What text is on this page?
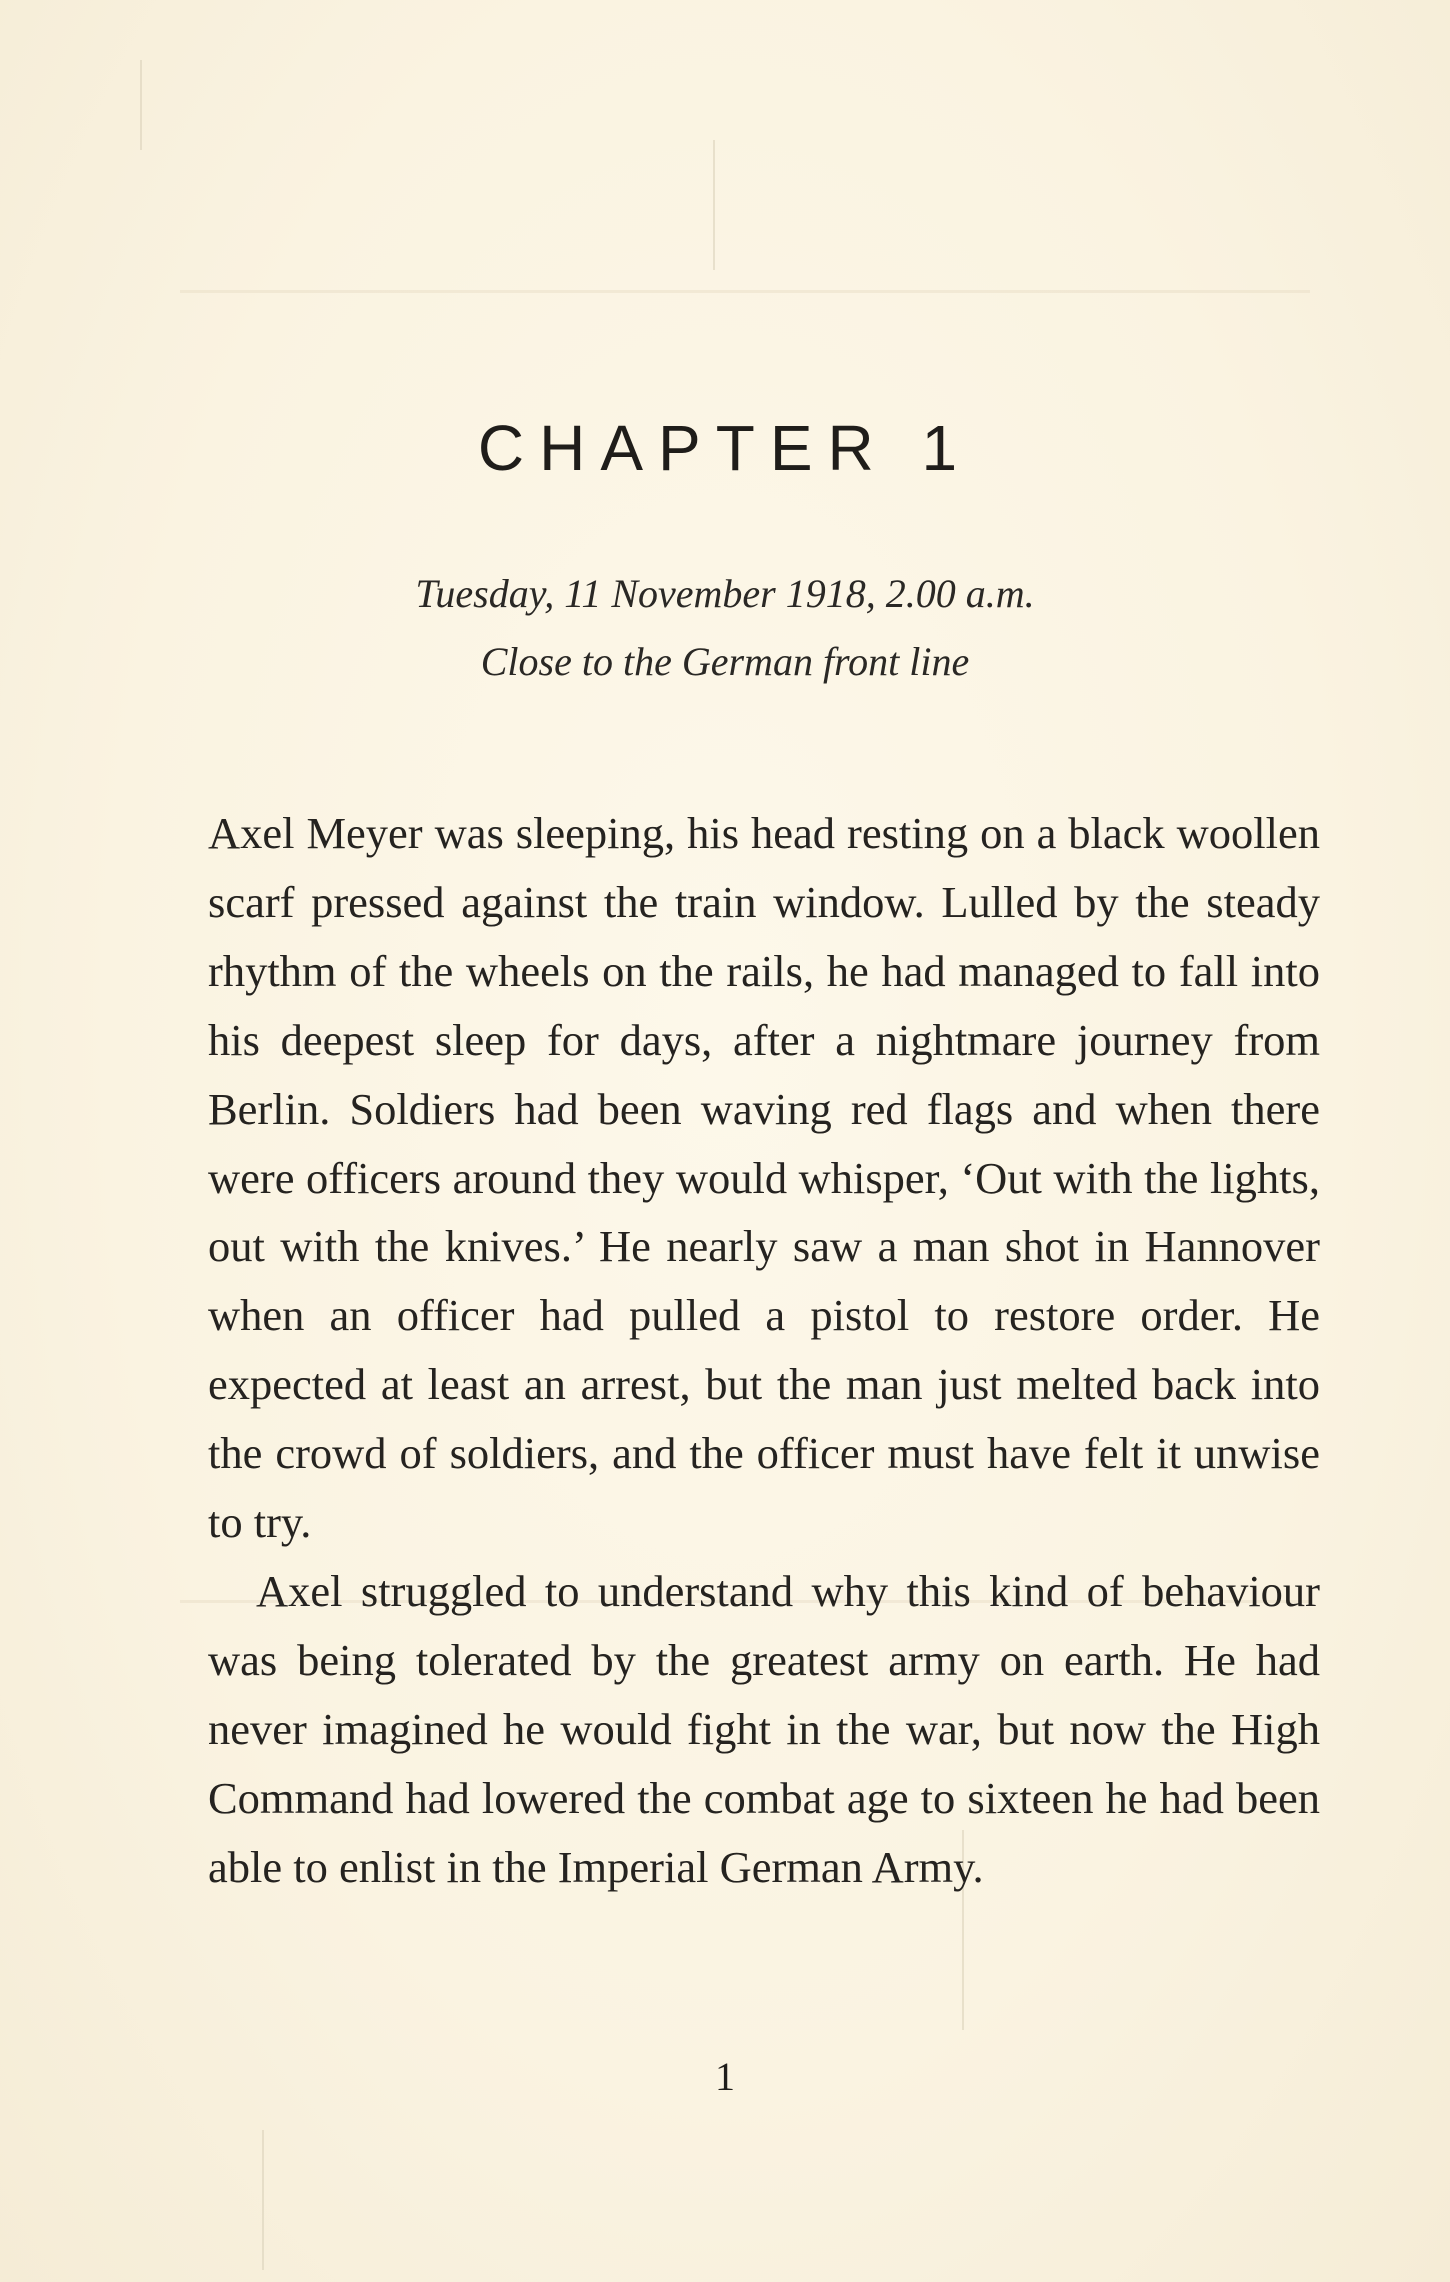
CHAPTER 1
Tuesday, 11 November 1918, 2.00 a.m.
Close to the German front line

Axel Meyer was sleeping, his head resting on a black woollen scarf pressed against the train window. Lulled by the steady rhythm of the wheels on the rails, he had managed to fall into his deepest sleep for days, after a nightmare journey from Berlin. Soldiers had been waving red flags and when there were officers around they would whisper, ‘Out with the lights, out with the knives.’ He nearly saw a man shot in Hannover when an officer had pulled a pistol to restore order. He expected at least an arrest, but the man just melted back into the crowd of soldiers, and the officer must have felt it unwise to try.

Axel struggled to understand why this kind of behaviour was being tolerated by the greatest army on earth. He had never imagined he would fight in the war, but now the High Command had lowered the combat age to sixteen he had been able to enlist in the Imperial German Army.

1
